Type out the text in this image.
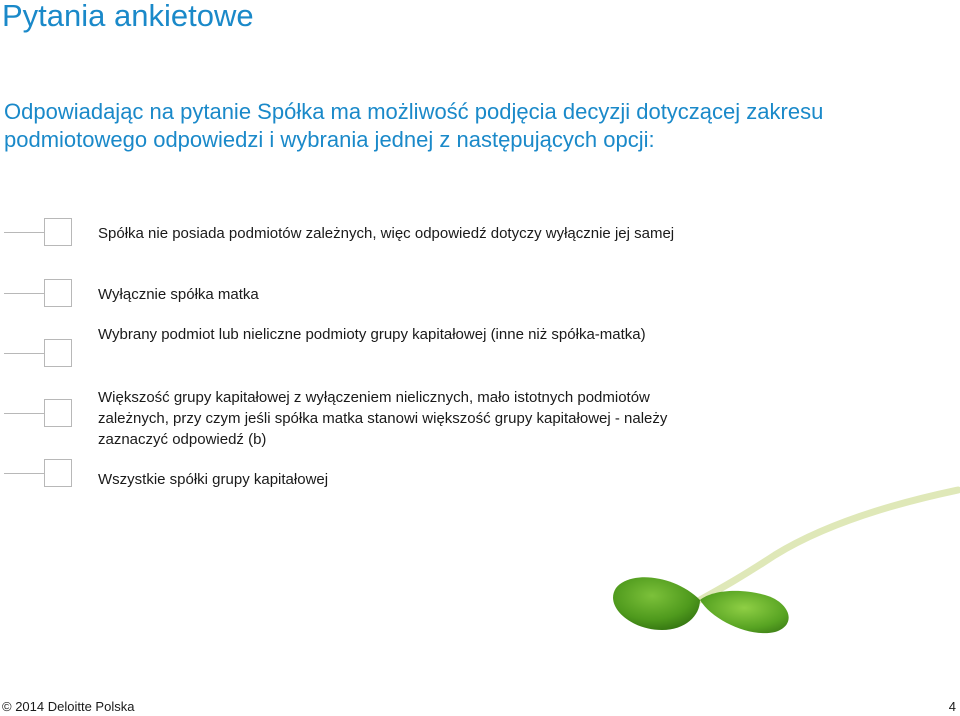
Pytania ankietowe
Odpowiadając na pytanie Spółka ma możliwość podjęcia decyzji dotyczącej zakresu podmiotowego odpowiedzi i wybrania jednej z następujących opcji:
Spółka nie posiada podmiotów zależnych, więc odpowiedź dotyczy wyłącznie jej samej
Wyłącznie spółka matka
Wybrany podmiot lub nieliczne podmioty grupy kapitałowej (inne niż spółka-matka)
Większość grupy kapitałowej z wyłączeniem nielicznych, mało istotnych podmiotów zależnych, przy czym jeśli spółka matka stanowi większość grupy kapitałowej - należy zaznaczyć odpowiedź (b)
Wszystkie spółki grupy kapitałowej
© 2014 Deloitte Polska	4
